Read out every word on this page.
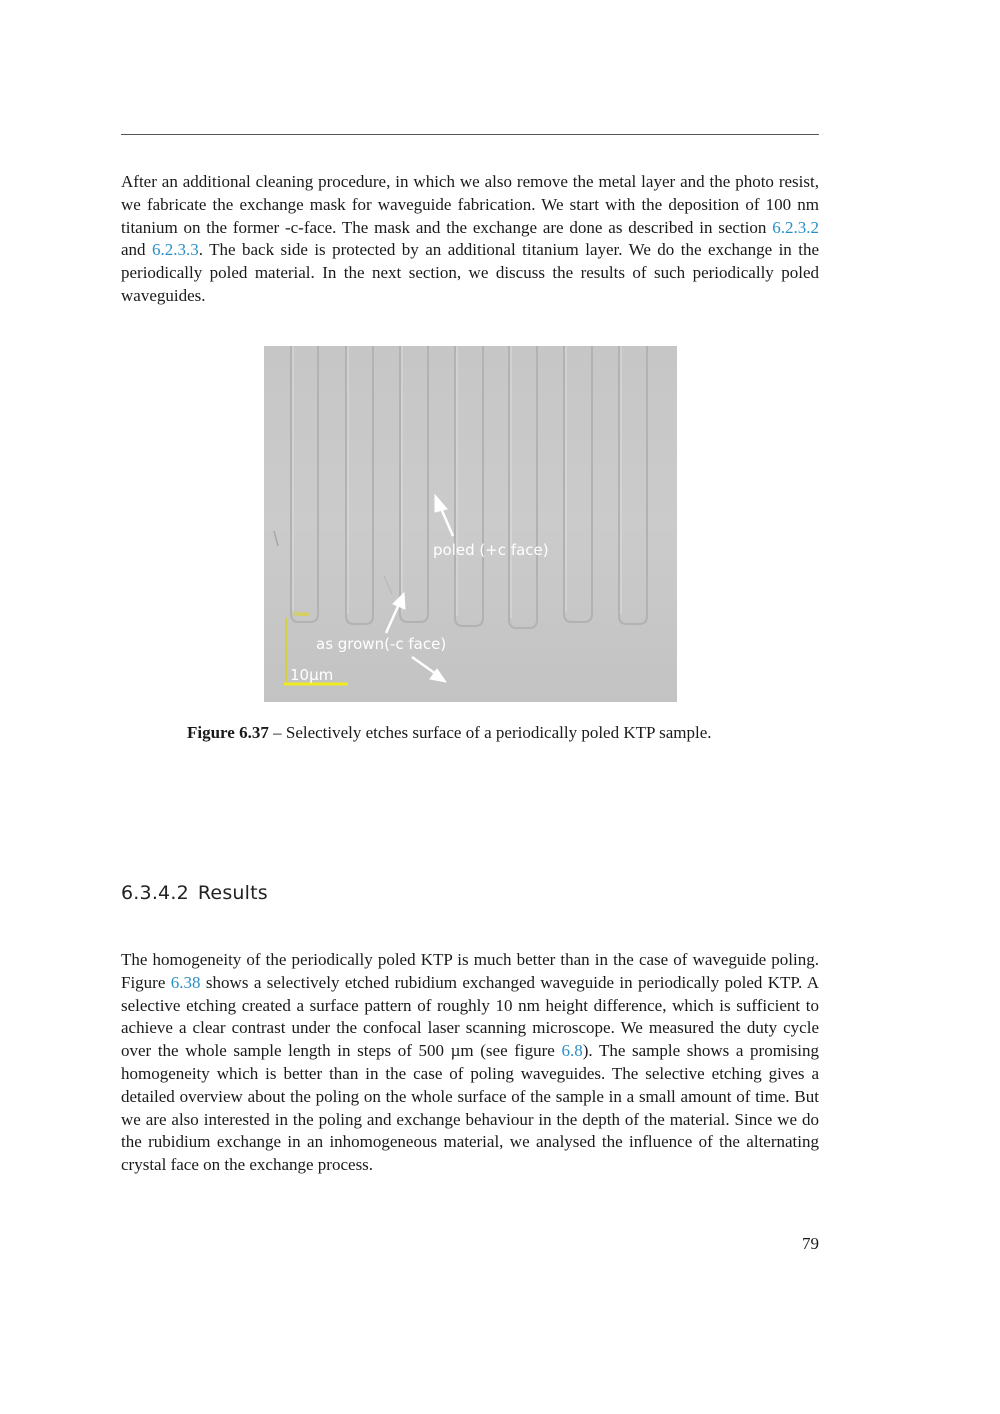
After an additional cleaning procedure, in which we also remove the metal layer and the photo resist, we fabricate the exchange mask for waveguide fabrication. We start with the deposition of 100 nm titanium on the former -c-face. The mask and the exchange are done as described in section 6.2.3.2 and 6.2.3.3. The back side is protected by an additional titanium layer. We do the exchange in the periodically poled material. In the next section, we discuss the results of such periodically poled waveguides.

poled (+c face)
as grown(-c face)
10um
10μm

Figure 6.37 – Selectively etches surface of a periodically poled KTP sample.

6.3.4.2 Results

The homogeneity of the periodically poled KTP is much better than in the case of waveguide poling. Figure 6.38 shows a selectively etched rubidium exchanged waveguide in periodically poled KTP. A selective etching created a surface pattern of roughly 10 nm height difference, which is sufficient to achieve a clear contrast under the confocal laser scanning microscope. We measured the duty cycle over the whole sample length in steps of 500 µm (see figure 6.8). The sample shows a promising homogeneity which is better than in the case of poling waveguides. The selective etching gives a detailed overview about the poling on the whole surface of the sample in a small amount of time. But we are also interested in the poling and exchange behaviour in the depth of the material. Since we do the rubidium exchange in an inhomogeneous material, we analysed the influence of the alternating crystal face on the exchange process.

79
